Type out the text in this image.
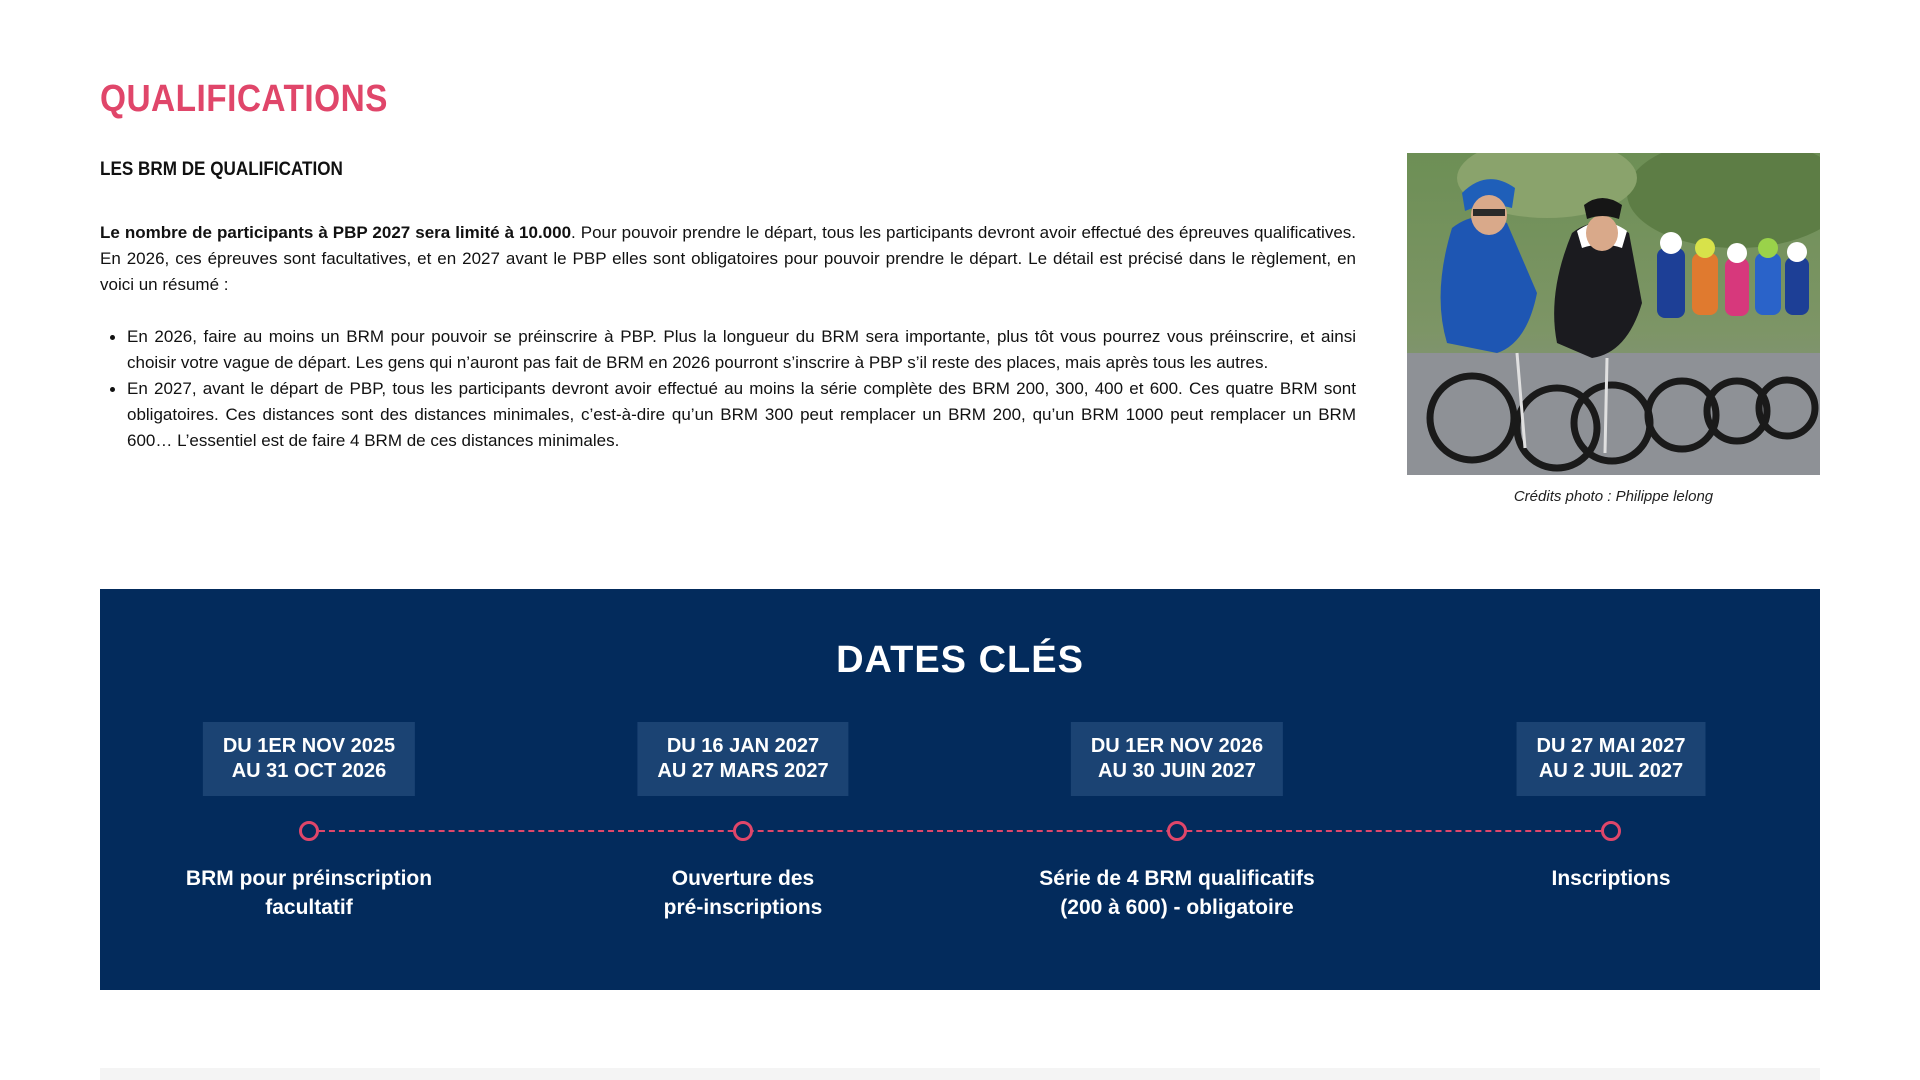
QUALIFICATIONS
LES BRM DE QUALIFICATION

Le nombre de participants à PBP 2027 sera limité à 10.000. Pour pouvoir prendre le départ, tous les participants devront avoir effectué des épreuves qualificatives. En 2026, ces épreuves sont facultatives, et en 2027 avant le PBP elles sont obligatoires pour pouvoir prendre le départ. Le détail est précisé dans le règlement, en voici un résumé :

En 2026, faire au moins un BRM pour pouvoir se préinscrire à PBP. Plus la longueur du BRM sera importante, plus tôt vous pourrez vous préinscrire, et ainsi choisir votre vague de départ. Les gens qui n’auront pas fait de BRM en 2026 pourront s’inscrire à PBP s’il reste des places, mais après tous les autres.
En 2027, avant le départ de PBP, tous les participants devront avoir effectué au moins la série complète des BRM 200, 300, 400 et 600. Ces quatre BRM sont obligatoires. Ces distances sont des distances minimales, c’est-à-dire qu’un BRM 300 peut remplacer un BRM 200, qu’un BRM 1000 peut remplacer un BRM 600… L’essentiel est de faire 4 BRM de ces distances minimales.

Crédits photo : Philippe lelong

DATES CLÉS
DU 1ER NOV 2025
AU 31 OCT 2026
BRM pour préinscription
facultatif
DU 16 JAN 2027
AU 27 MARS 2027
Ouverture des
pré-inscriptions
DU 1ER NOV 2026
AU 30 JUIN 2027
Série de 4 BRM qualificatifs
(200 à 600) - obligatoire
DU 27 MAI 2027
AU 2 JUIL 2027
Inscriptions
